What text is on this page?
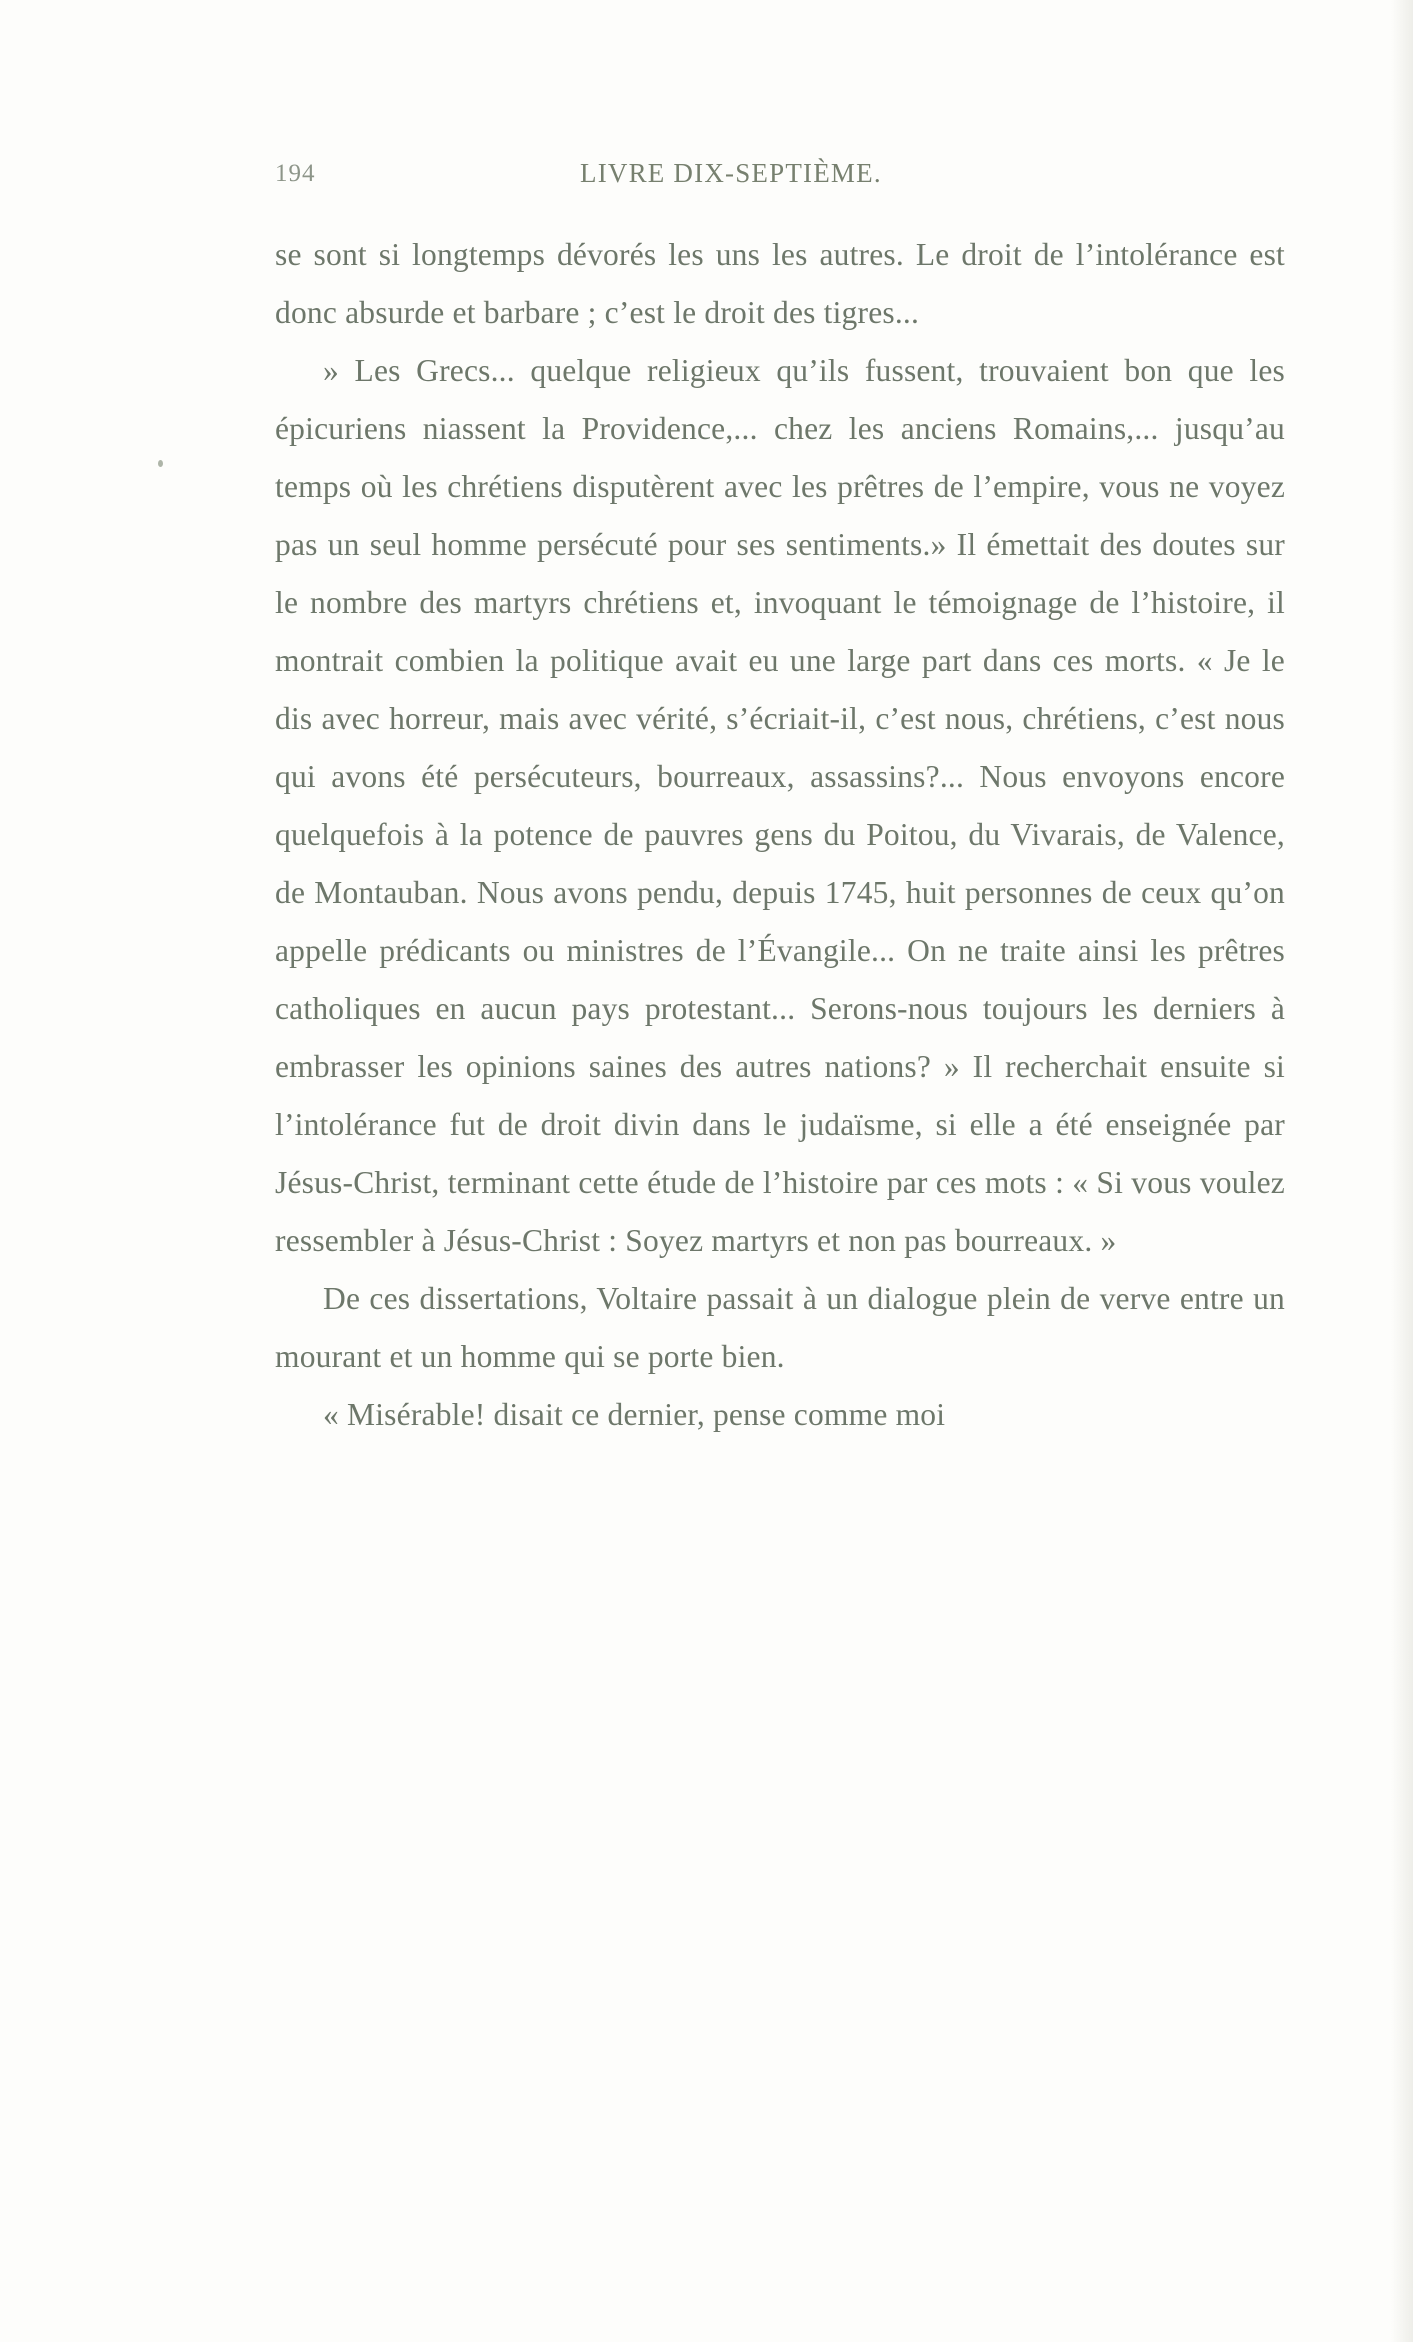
194	LIVRE DIX-SEPTIÈME.

se sont si longtemps dévorés les uns les autres. Le droit de l’intolérance est donc absurde et barbare ; c’est le droit des tigres...

» Les Grecs... quelque religieux qu’ils fussent, trouvaient bon que les épicuriens niassent la Providence,... chez les anciens Romains,... jusqu’au temps où les chrétiens disputèrent avec les prêtres de l’empire, vous ne voyez pas un seul homme persécuté pour ses sentiments.» Il émettait des doutes sur le nombre des martyrs chrétiens et, invoquant le témoignage de l’histoire, il montrait combien la politique avait eu une large part dans ces morts. « Je le dis avec horreur, mais avec vérité, s’écriait-il, c’est nous, chrétiens, c’est nous qui avons été persécuteurs, bourreaux, assassins?... Nous envoyons encore quelquefois à la potence de pauvres gens du Poitou, du Vivarais, de Valence, de Montauban. Nous avons pendu, depuis 1745, huit personnes de ceux qu’on appelle prédicants ou ministres de l’Évangile... On ne traite ainsi les prêtres catholiques en aucun pays protestant... Serons-nous toujours les derniers à embrasser les opinions saines des autres nations? » Il recherchait ensuite si l’intolérance fut de droit divin dans le judaïsme, si elle a été enseignée par Jésus-Christ, terminant cette étude de l’histoire par ces mots : « Si vous voulez ressembler à Jésus-Christ : Soyez martyrs et non pas bourreaux. »

De ces dissertations, Voltaire passait à un dialogue plein de verve entre un mourant et un homme qui se porte bien.

« Misérable! disait ce dernier, pense comme moi
